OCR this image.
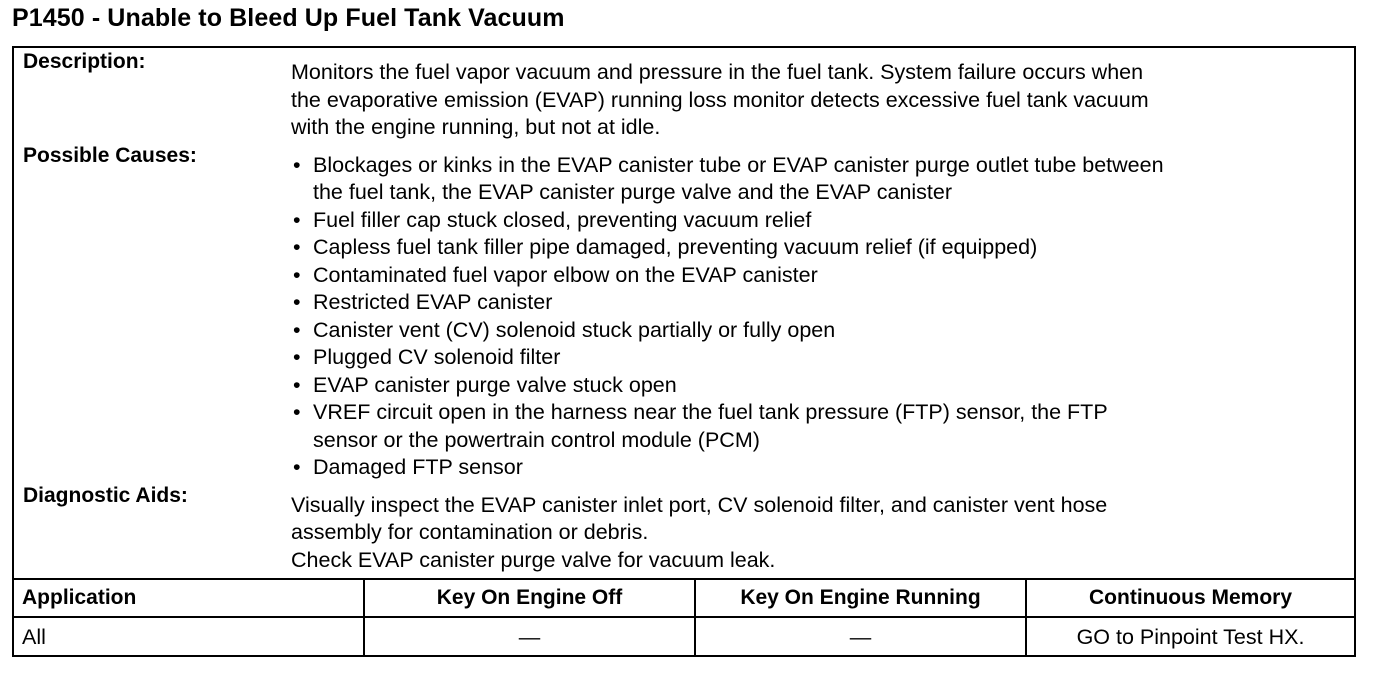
P1450 - Unable to Bleed Up Fuel Tank Vacuum
Description:	Monitors the fuel vapor vacuum and pressure in the fuel tank. System failure occurs when
the evaporative emission (EVAP) running loss monitor detects excessive fuel tank vacuum
with the engine running, but not at idle.
Possible Causes:	• Blockages or kinks in the EVAP canister tube or EVAP canister purge outlet tube between
the fuel tank, the EVAP canister purge valve and the EVAP canister
• Fuel filler cap stuck closed, preventing vacuum relief
• Capless fuel tank filler pipe damaged, preventing vacuum relief (if equipped)
• Contaminated fuel vapor elbow on the EVAP canister
• Restricted EVAP canister
• Canister vent (CV) solenoid stuck partially or fully open
• Plugged CV solenoid filter
• EVAP canister purge valve stuck open
• VREF circuit open in the harness near the fuel tank pressure (FTP) sensor, the FTP
sensor or the powertrain control module (PCM)
• Damaged FTP sensor
Diagnostic Aids:	Visually inspect the EVAP canister inlet port, CV solenoid filter, and canister vent hose
assembly for contamination or debris.
Check EVAP canister purge valve for vacuum leak.
Application	Key On Engine Off	Key On Engine Running	Continuous Memory
All	—	—	GO to Pinpoint Test HX.
